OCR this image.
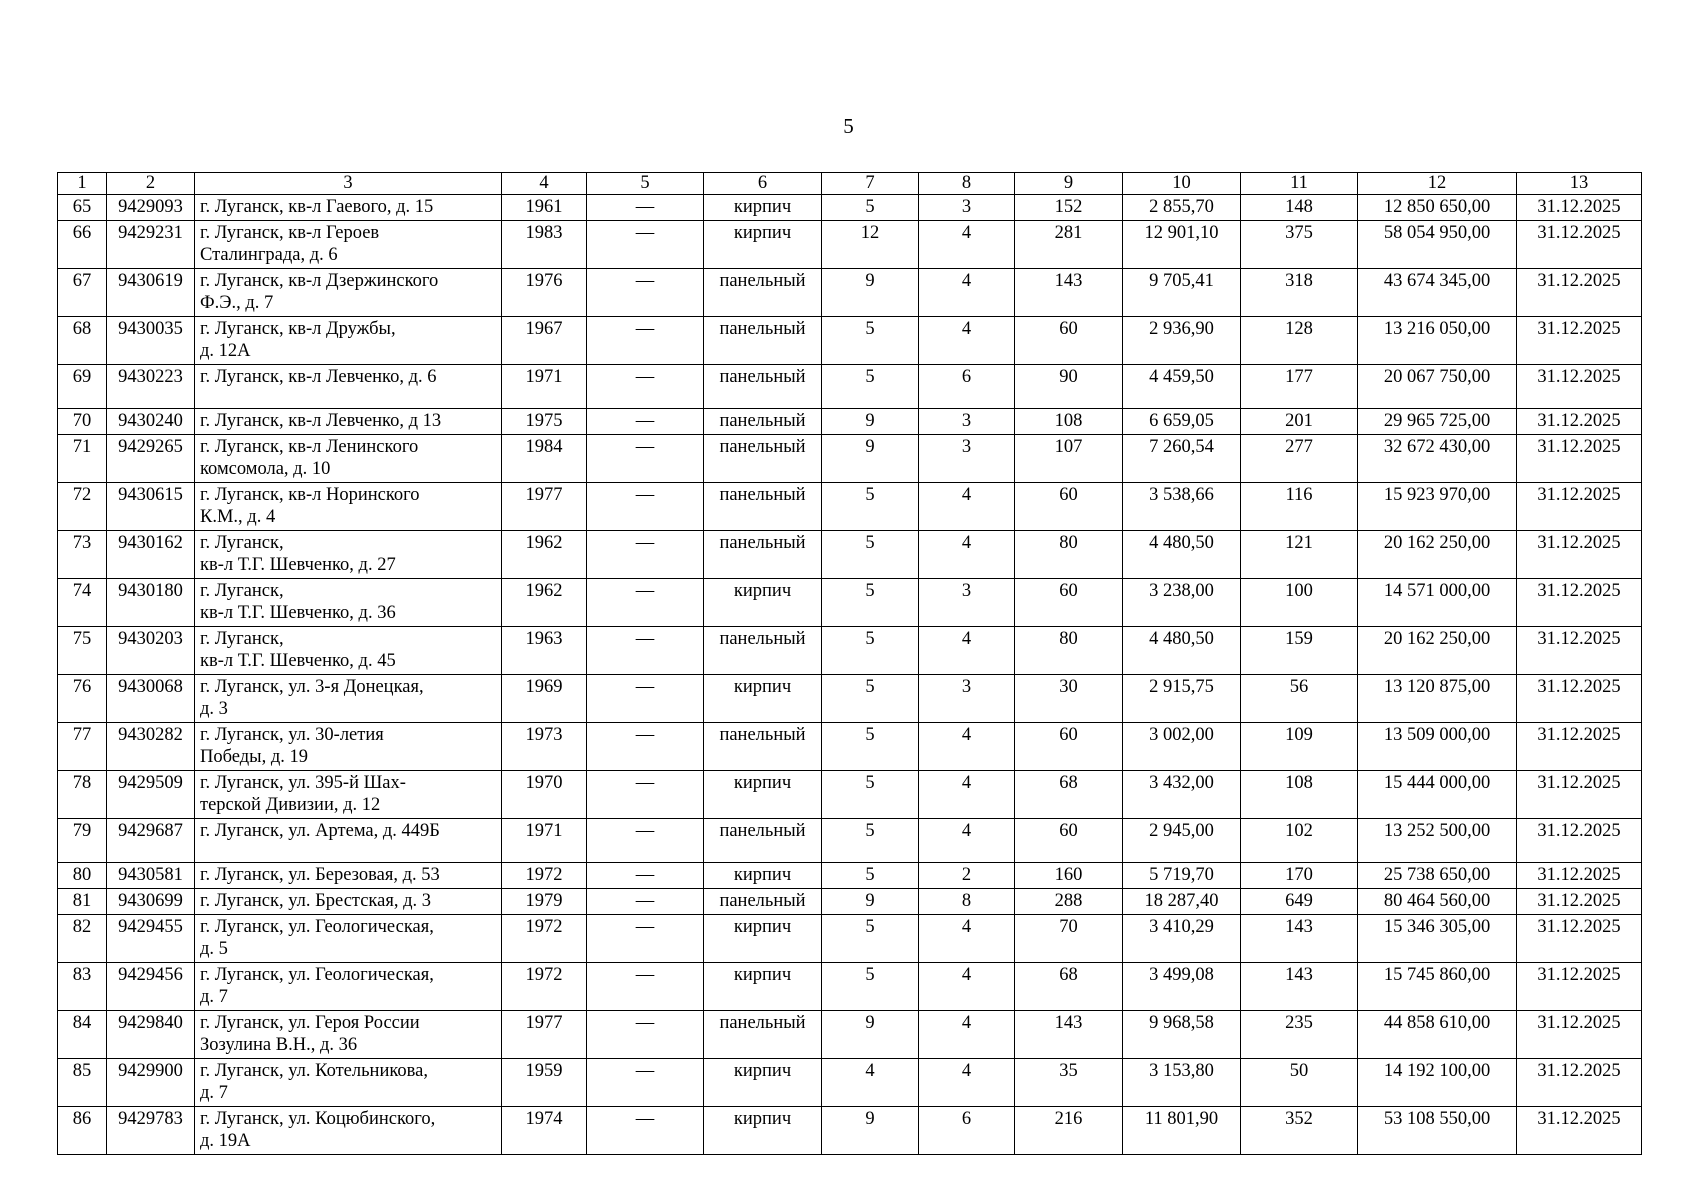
5
1	2	3	4	5	6	7	8	9	10	11	12	13
65	9429093	г. Луганск, кв-л Гаевого, д. 15	1961	—	кирпич	5	3	152	2 855,70	148	12 850 650,00	31.12.2025
66	9429231	г. Луганск, кв-л Героев
Сталинграда, д. 6	1983	—	кирпич	12	4	281	12 901,10	375	58 054 950,00	31.12.2025
67	9430619	г. Луганск, кв-л Дзержинского
Ф.Э., д. 7	1976	—	панельный	9	4	143	9 705,41	318	43 674 345,00	31.12.2025
68	9430035	г. Луганск, кв-л Дружбы,
д. 12А	1967	—	панельный	5	4	60	2 936,90	128	13 216 050,00	31.12.2025
69	9430223	г. Луганск, кв-л Левченко, д. 6	1971	—	панельный	5	6	90	4 459,50	177	20 067 750,00	31.12.2025
70	9430240	г. Луганск, кв-л Левченко, д 13	1975	—	панельный	9	3	108	6 659,05	201	29 965 725,00	31.12.2025
71	9429265	г. Луганск, кв-л Ленинского
комсомола, д. 10	1984	—	панельный	9	3	107	7 260,54	277	32 672 430,00	31.12.2025
72	9430615	г. Луганск, кв-л Норинского
К.М., д. 4	1977	—	панельный	5	4	60	3 538,66	116	15 923 970,00	31.12.2025
73	9430162	г. Луганск,
кв-л Т.Г. Шевченко, д. 27	1962	—	панельный	5	4	80	4 480,50	121	20 162 250,00	31.12.2025
74	9430180	г. Луганск,
кв-л Т.Г. Шевченко, д. 36	1962	—	кирпич	5	3	60	3 238,00	100	14 571 000,00	31.12.2025
75	9430203	г. Луганск,
кв-л Т.Г. Шевченко, д. 45	1963	—	панельный	5	4	80	4 480,50	159	20 162 250,00	31.12.2025
76	9430068	г. Луганск, ул. 3-я Донецкая,
д. 3	1969	—	кирпич	5	3	30	2 915,75	56	13 120 875,00	31.12.2025
77	9430282	г. Луганск, ул. 30-летия
Победы, д. 19	1973	—	панельный	5	4	60	3 002,00	109	13 509 000,00	31.12.2025
78	9429509	г. Луганск, ул. 395-й Шах-
терской Дивизии, д. 12	1970	—	кирпич	5	4	68	3 432,00	108	15 444 000,00	31.12.2025
79	9429687	г. Луганск, ул. Артема, д. 449Б	1971	—	панельный	5	4	60	2 945,00	102	13 252 500,00	31.12.2025
80	9430581	г. Луганск, ул. Березовая, д. 53	1972	—	кирпич	5	2	160	5 719,70	170	25 738 650,00	31.12.2025
81	9430699	г. Луганск, ул. Брестская, д. 3	1979	—	панельный	9	8	288	18 287,40	649	80 464 560,00	31.12.2025
82	9429455	г. Луганск, ул. Геологическая,
д. 5	1972	—	кирпич	5	4	70	3 410,29	143	15 346 305,00	31.12.2025
83	9429456	г. Луганск, ул. Геологическая,
д. 7	1972	—	кирпич	5	4	68	3 499,08	143	15 745 860,00	31.12.2025
84	9429840	г. Луганск, ул. Героя России
Зозулина В.Н., д. 36	1977	—	панельный	9	4	143	9 968,58	235	44 858 610,00	31.12.2025
85	9429900	г. Луганск, ул. Котельникова,
д. 7	1959	—	кирпич	4	4	35	3 153,80	50	14 192 100,00	31.12.2025
86	9429783	г. Луганск, ул. Коцюбинского,
д. 19А	1974	—	кирпич	9	6	216	11 801,90	352	53 108 550,00	31.12.2025
